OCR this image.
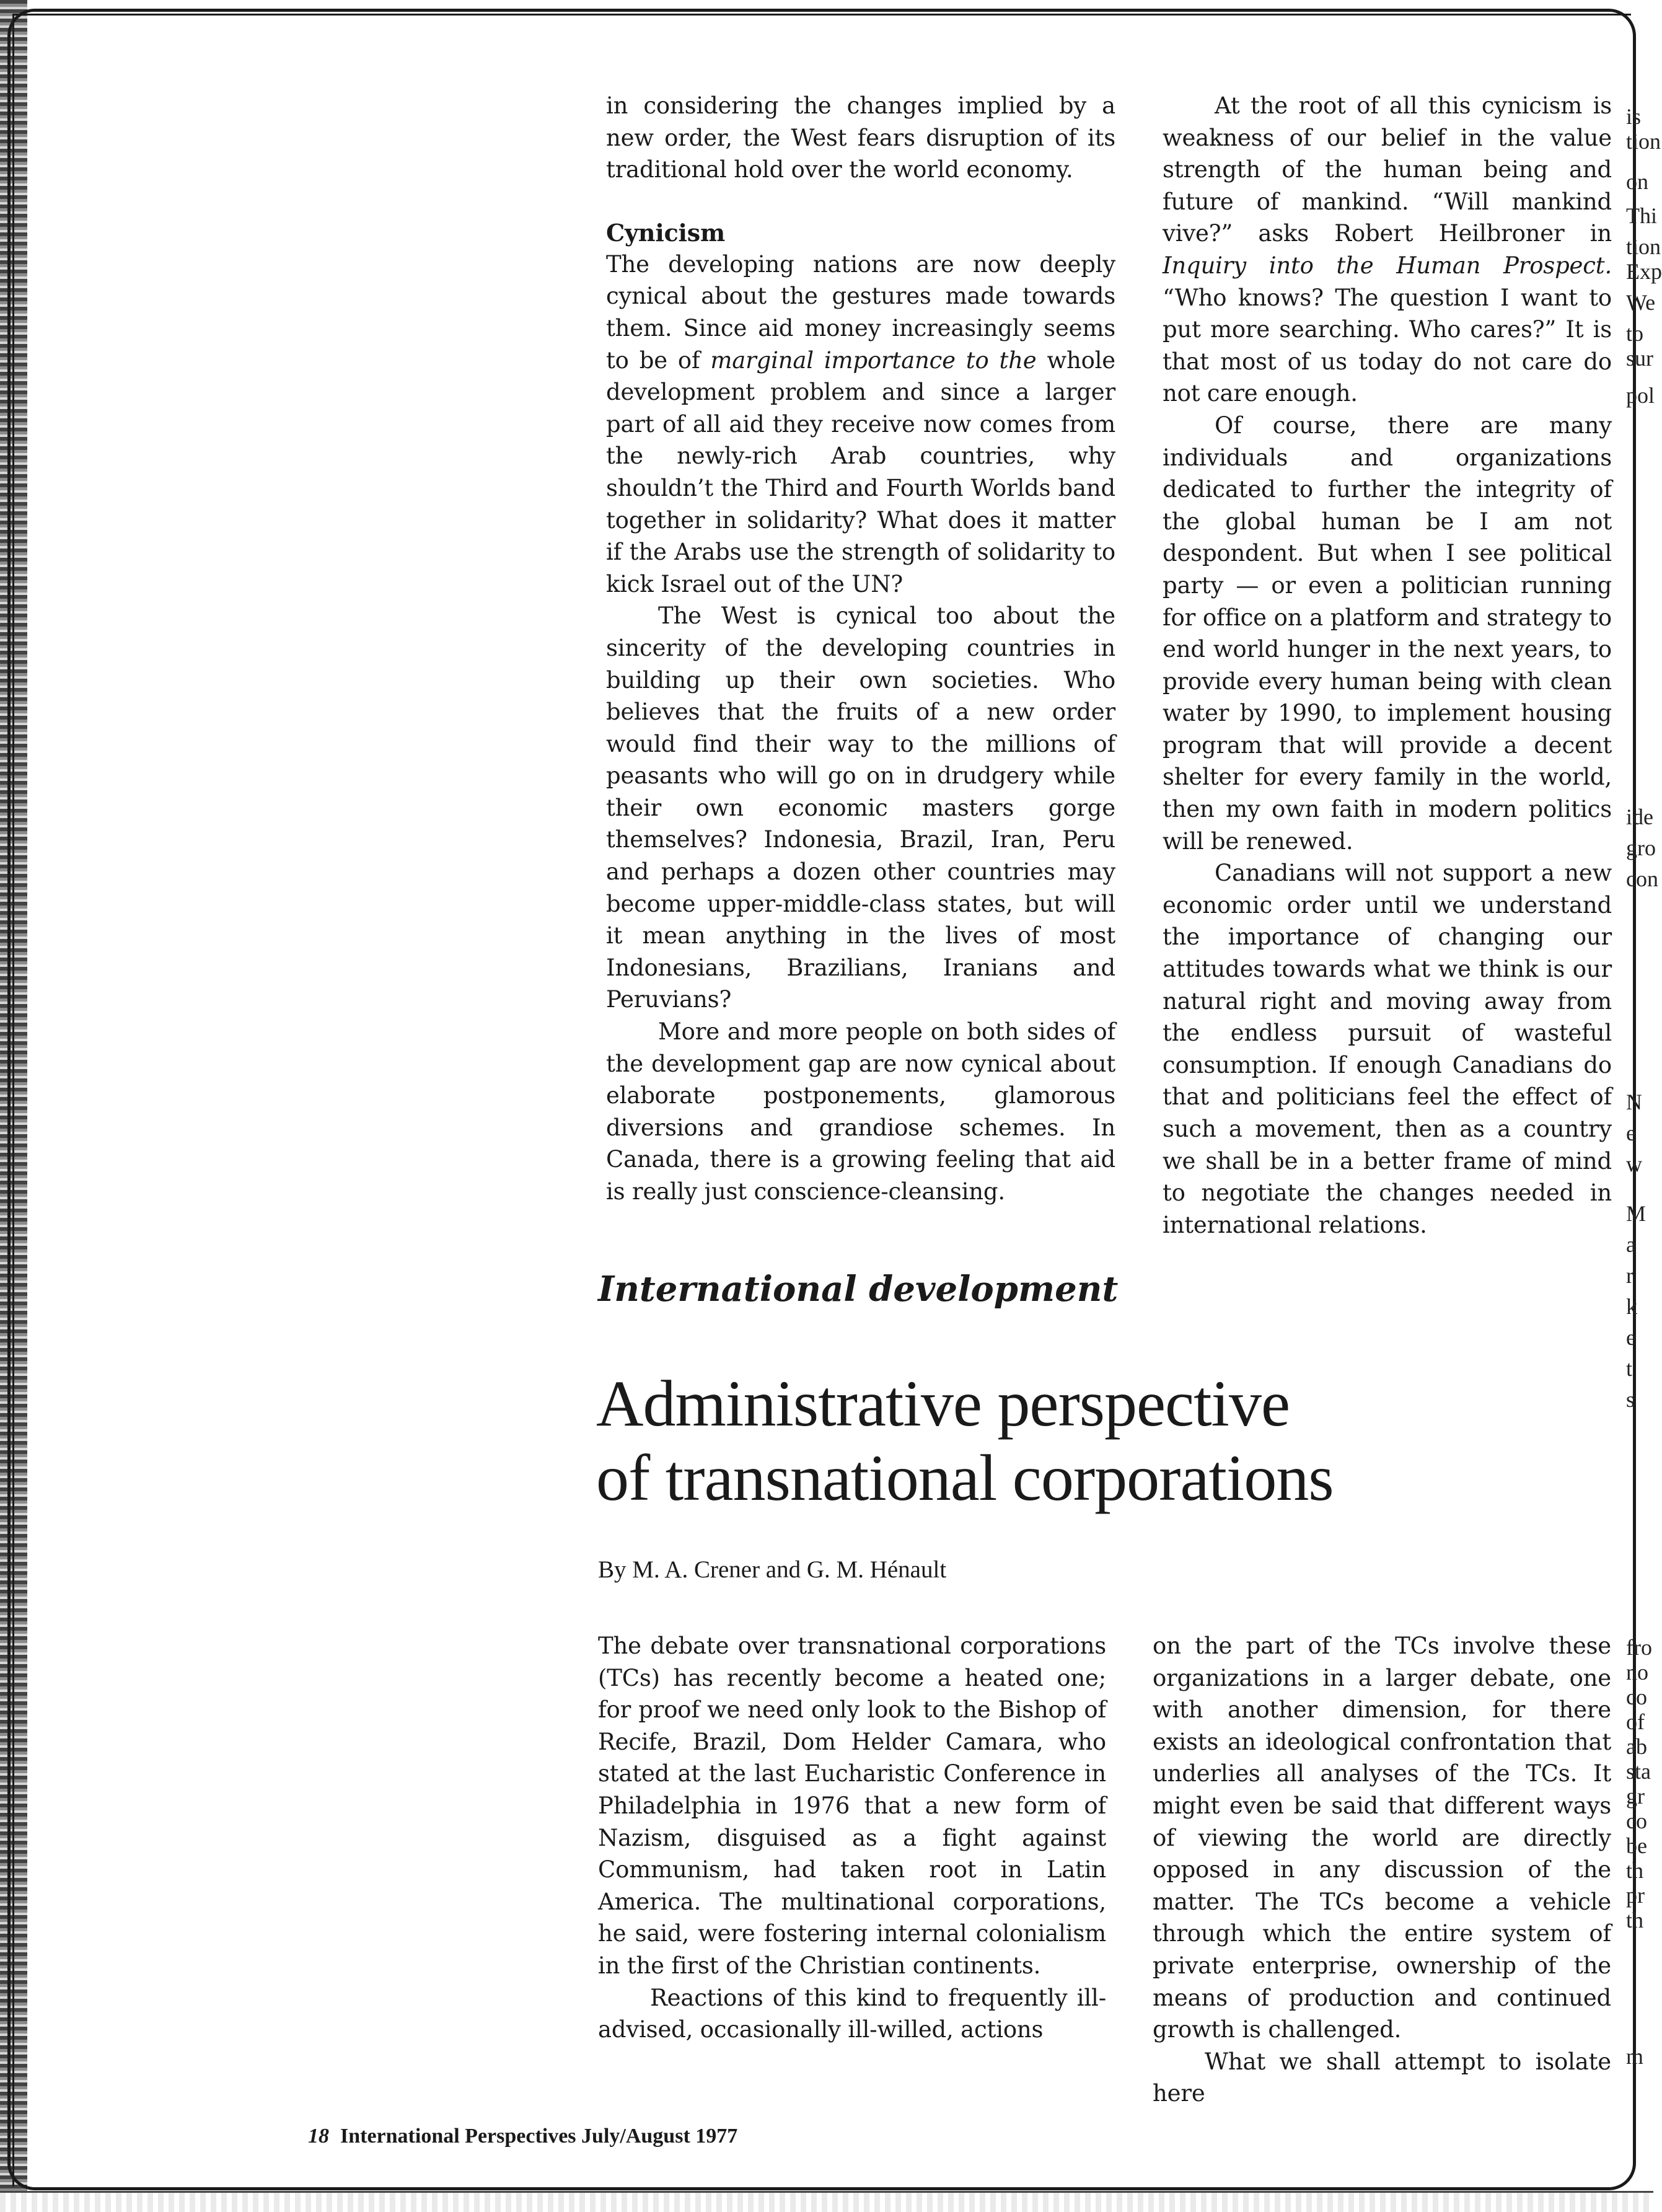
in considering the changes implied by a new order, the West fears disruption of its traditional hold over the world economy.

Cynicism

The developing nations are now deeply cynical about the gestures made towards them. Since aid money increasingly seems to be of marginal importance to the whole development problem and since a larger part of all aid they receive now comes from the newly-rich Arab countries, why shouldn’t the Third and Fourth Worlds band together in solidarity? What does it matter if the Arabs use the strength of solidarity to kick Israel out of the UN?

The West is cynical too about the sincerity of the developing countries in building up their own societies. Who believes that the fruits of a new order would find their way to the millions of peasants who will go on in drudgery while their own economic masters gorge themselves? Indonesia, Brazil, Iran, Peru and perhaps a dozen other countries may become upper-middle-class states, but will it mean anything in the lives of most Indonesians, Brazilians, Iranians and Peruvians?

More and more people on both sides of the development gap are now cynical about elaborate postponements, glamorous diversions and grandiose schemes. In Canada, there is a growing feeling that aid is really just conscience-cleansing.

At the root of all this cynicism is weakness of our belief in the value strength of the human being and future of mankind. “Will mankind vive?” asks Robert Heilbroner in Inquiry into the Human Prospect. “Who knows? The question I want to put more searching. Who cares?” It is that most of us today do not care do not care enough.

Of course, there are many individuals and organizations dedicated to further the integrity of the global human be I am not despondent. But when I see political party — or even a politician running for office on a platform and strategy to end world hunger in the next years, to provide every human being with clean water by 1990, to implement housing program that will provide a decent shelter for every family in the world, then my own faith in modern politics will be renewed.

Canadians will not support a new economic order until we understand the importance of changing our attitudes towards what we think is our natural right and moving away from the endless pursuit of wasteful consumption. If enough Canadians do that and politicians feel the effect of such a movement, then as a country we shall be in a better frame of mind to negotiate the changes needed in international relations.

International development
Administrative perspective
of transnational corporations

By M. A. Crener and G. M. Hénault

The debate over transnational corporations (TCs) has recently become a heated one; for proof we need only look to the Bishop of Recife, Brazil, Dom Helder Camara, who stated at the last Eucharistic Conference in Philadelphia in 1976 that a new form of Nazism, disguised as a fight against Communism, had taken root in Latin America. The multinational corporations, he said, were fostering internal colonialism in the first of the Christian continents.

Reactions of this kind to frequently ill-advised, occasionally ill-willed, actions

on the part of the TCs involve these organizations in a larger debate, one with another dimension, for there exists an ideological confrontation that underlies all analyses of the TCs. It might even be said that different ways of viewing the world are directly opposed in any discussion of the matter. The TCs become a vehicle through which the entire system of private enterprise, ownership of the means of production and continued growth is challenged.

What we shall attempt to isolate here

18 International Perspectives July/August 1977

is
tion
on
Thi
tion
Exp
We
to
sur
pol
ide
gro
con
N
e
w
M
a
r
k
e
t
s
fro
no
co
of
ab
sta
gr
co
be
th
pr
th
m
